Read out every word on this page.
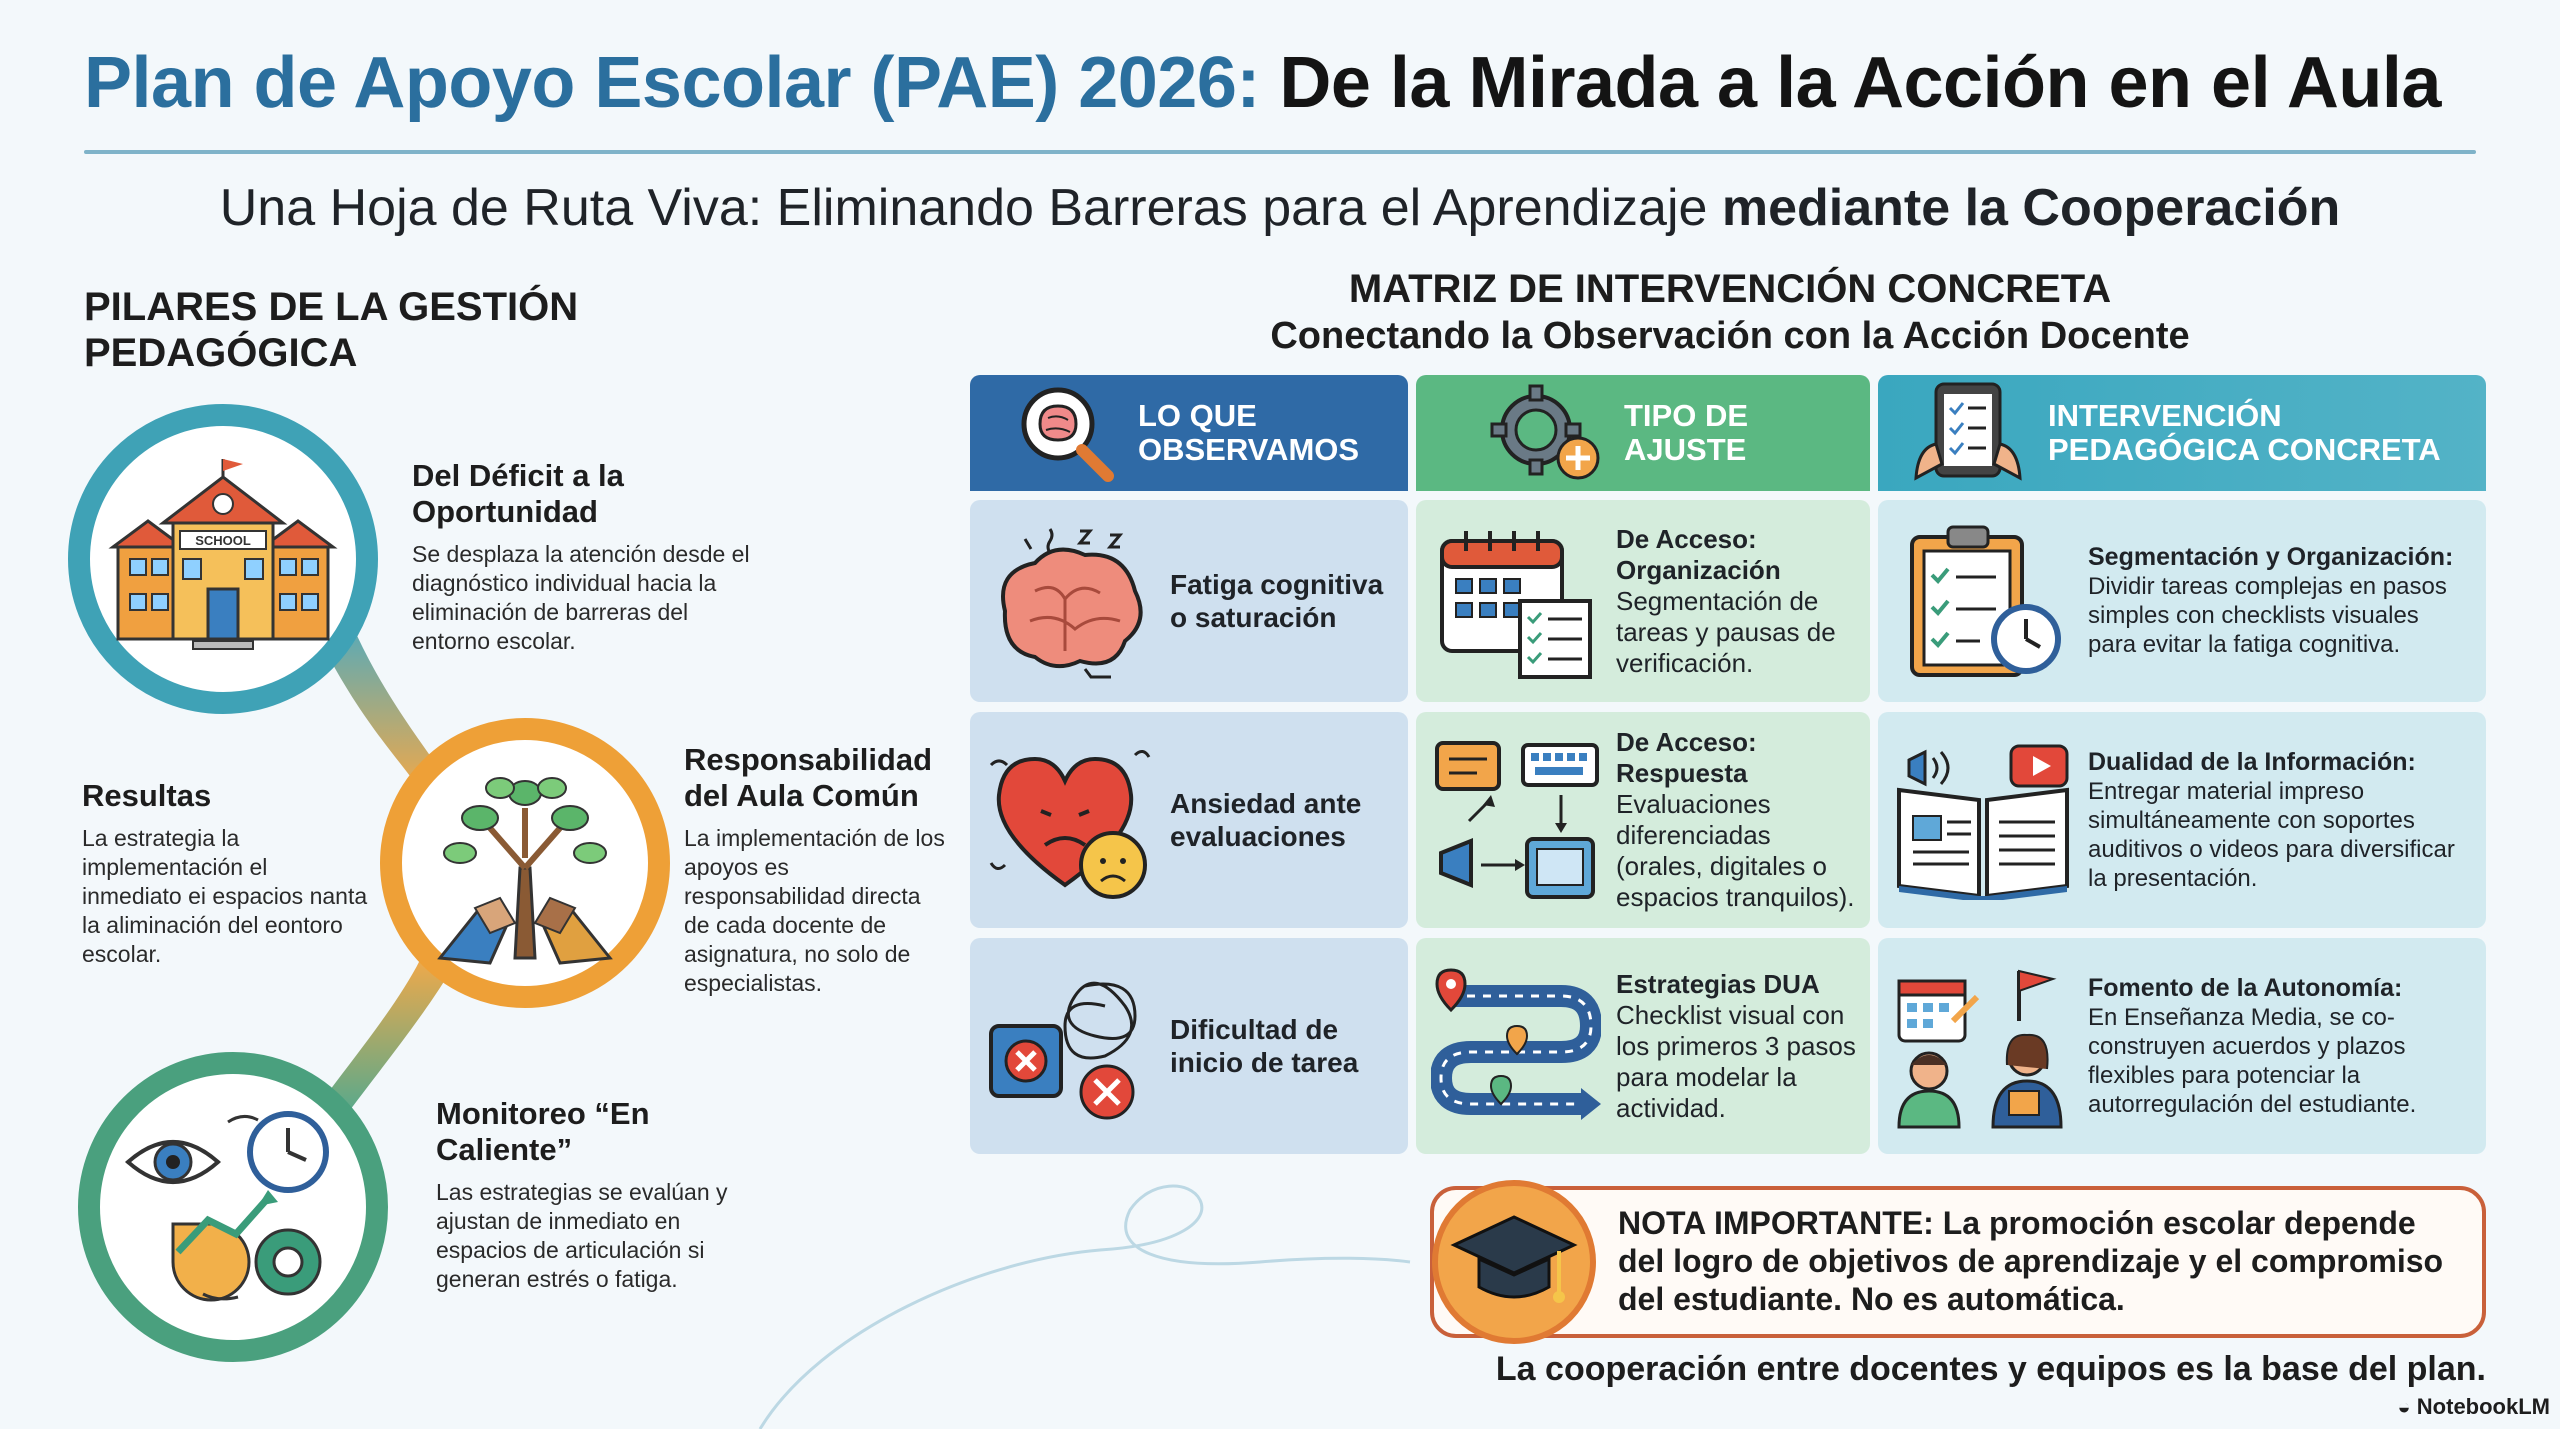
Plan de Apoyo Escolar (PAE) 2026: De la Mirada a la Acción en el Aula
Una Hoja de Ruta Viva: Eliminando Barreras para el Aprendizaje mediante la Cooperación
PILARES DE LA GESTIÓN PEDAGÓGICA
SCHOOL
Del Déficit a la Oportunidad
Se desplaza la atención desde el diagnóstico individual hacia la eliminación de barreras del entorno escolar.
Resultas
La estrategia la implementación el inmediato ei espacios nanta la aliminación del eontoro escolar.
Responsabilidad del Aula Común
La implementación de los apoyos es responsabilidad directa de cada docente de asignatura, no solo de especialistas.
Monitoreo “En Caliente”
Las estrategias se evalúan y ajustan de inmediato en espacios de articulación si generan estrés o fatiga.
MATRIZ DE INTERVENCIÓN CONCRETA
Conectando la Observación con la Acción Docente
LO QUE OBSERVAMOS
TIPO DE AJUSTE
INTERVENCIÓN PEDAGÓGICA CONCRETA
Fatiga cognitiva o saturación
De Acceso: Organización
Segmentación de tareas y pausas de verificación.
Segmentación y Organización:
Dividir tareas complejas en pasos simples con checklists visuales para evitar la fatiga cognitiva.
Ansiedad ante evaluaciones
De Acceso: Respuesta
Evaluaciones diferenciadas (orales, digitales o espacios tranquilos).
Dualidad de la Información:
Entregar material impreso simultáneamente con soportes auditivos o videos para diversificar la presentación.
Dificultad de inicio de tarea
Estrategias DUA
Checklist visual con los primeros 3 pasos para modelar la actividad.
Fomento de la Autonomía:
En Enseñanza Media, se co-construyen acuerdos y plazos flexibles para potenciar la autorregulación del estudiante.
NOTA IMPORTANTE: La promoción escolar depende del logro de objetivos de aprendizaje y el compromiso del estudiante. No es automática.
La cooperación entre docentes y equipos es la base del plan.
◒ NotebookLM
